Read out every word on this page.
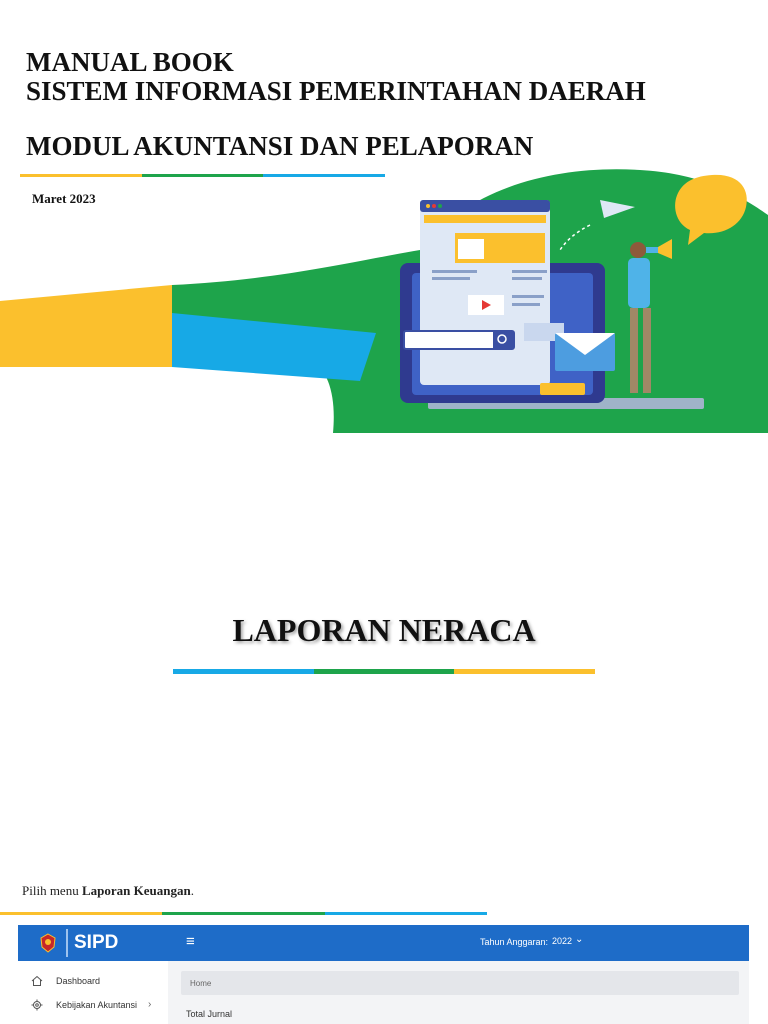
MANUAL BOOK
SISTEM INFORMASI PEMERINTAHAN DAERAH
MODUL AKUNTANSI DAN PELAPORAN
Maret 2023
LAPORAN NERACA
Pilih menu Laporan Keuangan.
SIPD	≡	Tahun Anggaran: 2022 ⌄
Dashboard
Kebijakan Akuntansi ›
Home
Total Jurnal
